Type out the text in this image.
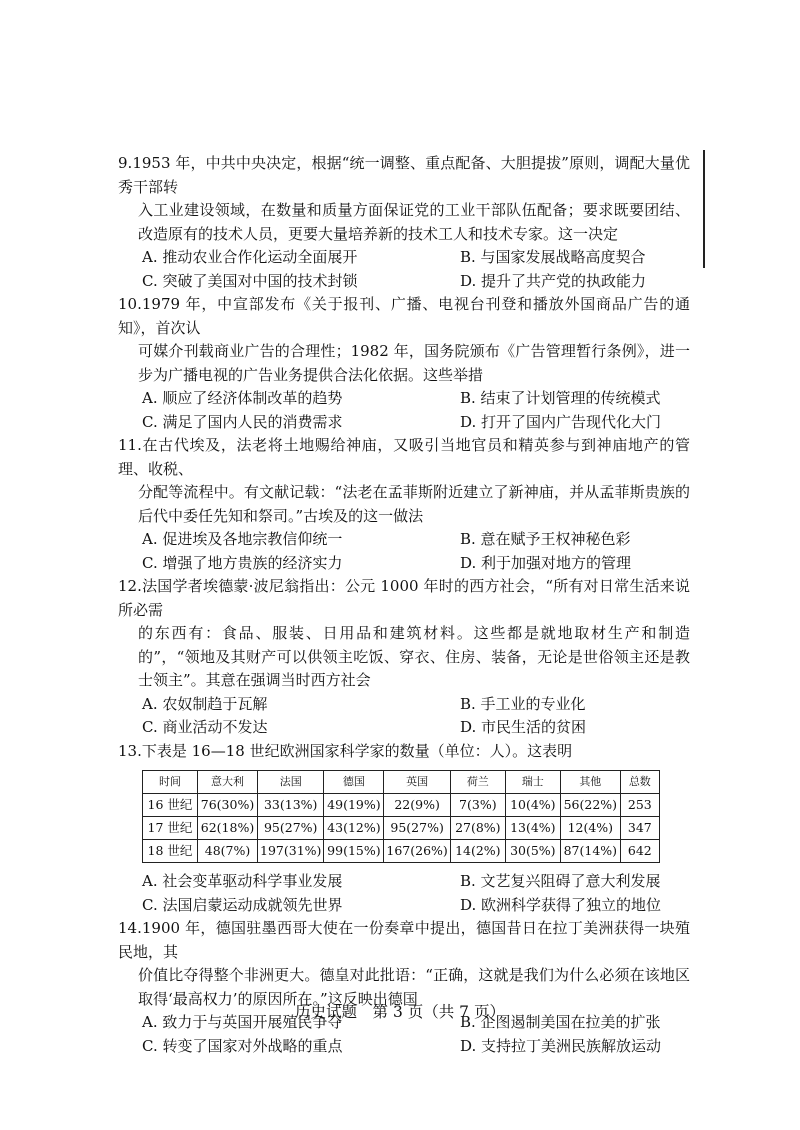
9.1953 年，中共中央决定，根据“统一调整、重点配备、大胆提拔”原则，调配大量优秀干部转
入工业建设领域，在数量和质量方面保证党的工业干部队伍配备；要求既要团结、改造原有的技术人员，更要大量培养新的技术工人和技术专家。这一决定
A. 推动农业合作化运动全面展开	B. 与国家发展战略高度契合
C. 突破了美国对中国的技术封锁	D. 提升了共产党的执政能力
10.1979 年，中宣部发布《关于报刊、广播、电视台刊登和播放外国商品广告的通知》，首次认
可媒介刊载商业广告的合理性；1982 年，国务院颁布《广告管理暂行条例》，进一步为广播电视的广告业务提供合法化依据。这些举措
A. 顺应了经济体制改革的趋势	B. 结束了计划管理的传统模式
C. 满足了国内人民的消费需求	D. 打开了国内广告现代化大门
11.在古代埃及，法老将土地赐给神庙，又吸引当地官员和精英参与到神庙地产的管理、收税、
分配等流程中。有文献记载：“法老在孟菲斯附近建立了新神庙，并从孟菲斯贵族的后代中委任先知和祭司。”古埃及的这一做法
A. 促进埃及各地宗教信仰统一	B. 意在赋予王权神秘色彩
C. 增强了地方贵族的经济实力	D. 利于加强对地方的管理
12.法国学者埃德蒙·波尼翁指出：公元 1000 年时的西方社会，“所有对日常生活来说所必需
的东西有：食品、服装、日用品和建筑材料。这些都是就地取材生产和制造的”，“领地及其财产可以供领主吃饭、穿衣、住房、装备，无论是世俗领主还是教士领主”。其意在强调当时西方社会
A. 农奴制趋于瓦解	B. 手工业的专业化
C. 商业活动不发达	D. 市民生活的贫困
13.下表是 16—18 世纪欧洲国家科学家的数量（单位：人）。这表明
时间	意大利	法国	德国	英国	荷兰	瑞士	其他	总数
16 世纪	76(30%)	33(13%)	49(19%)	22(9%)	7(3%)	10(4%)	56(22%)	253
17 世纪	62(18%)	95(27%)	43(12%)	95(27%)	27(8%)	13(4%)	12(4%)	347
18 世纪	48(7%)	197(31%)	99(15%)	167(26%)	14(2%)	30(5%)	87(14%)	642
A. 社会变革驱动科学事业发展	B. 文艺复兴阻碍了意大利发展
C. 法国启蒙运动成就领先世界	D. 欧洲科学获得了独立的地位
14.1900 年，德国驻墨西哥大使在一份奏章中提出，德国昔日在拉丁美洲获得一块殖民地，其
价值比夺得整个非洲更大。德皇对此批语：“正确，这就是我们为什么必须在该地区取得‘最高权力’的原因所在。”这反映出德国
A. 致力于与英国开展殖民争夺	B. 企图遏制美国在拉美的扩张
C. 转变了国家对外战略的重点	D. 支持拉丁美洲民族解放运动
历史试题　第 3 页（共 7 页）
